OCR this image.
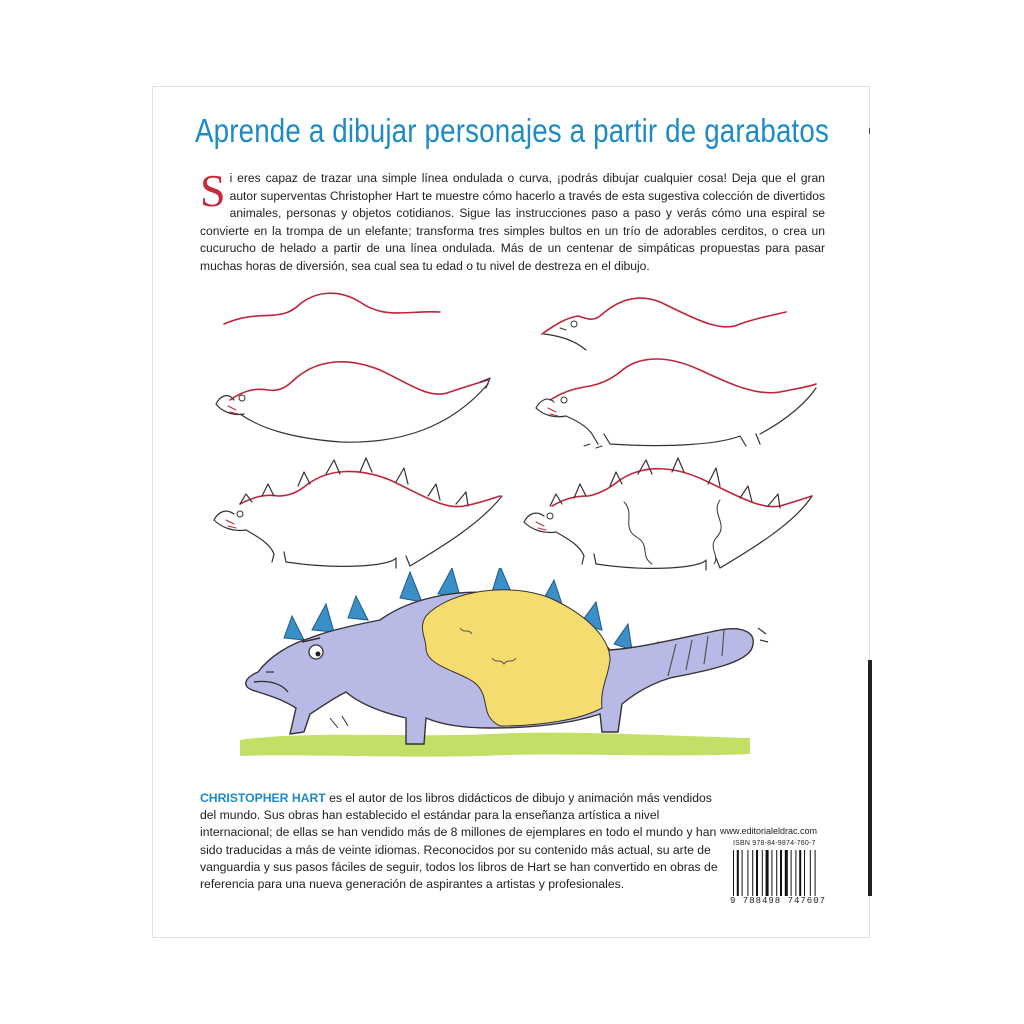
Aprende a dibujar personajes a partir de garabatos
Si eres capaz de trazar una simple línea ondulada o curva, ¡podrás dibujar cualquier cosa! Deja que el gran autor superventas Christopher Hart te muestre cómo hacerlo a través de esta sugestiva colección de divertidos animales, personas y objetos cotidianos. Sigue las instrucciones paso a paso y verás cómo una espiral se convierte en la trompa de un elefante; transforma tres simples bultos en un trío de adorables cerditos, o crea un cucurucho de helado a partir de una línea ondulada. Más de un centenar de simpáticas propuestas para pasar muchas horas de diversión, sea cual sea tu edad o tu nivel de destreza en el dibujo.
CHRISTOPHER HART es el autor de los libros didácticos de dibujo y animación más vendidos del mundo. Sus obras han establecido el estándar para la enseñanza artística a nivel internacional; de ellas se han vendido más de 8 millones de ejemplares en todo el mundo y han sido traducidas a más de veinte idiomas. Reconocidos por su contenido más actual, su arte de vanguardia y sus pasos fáciles de seguir, todos los libros de Hart se han convertido en obras de referencia para una nueva generación de aspirantes a artistas y profesionales.
www.editorialeldrac.com
ISBN 978-84-9874-760-7
9 788498 747607
